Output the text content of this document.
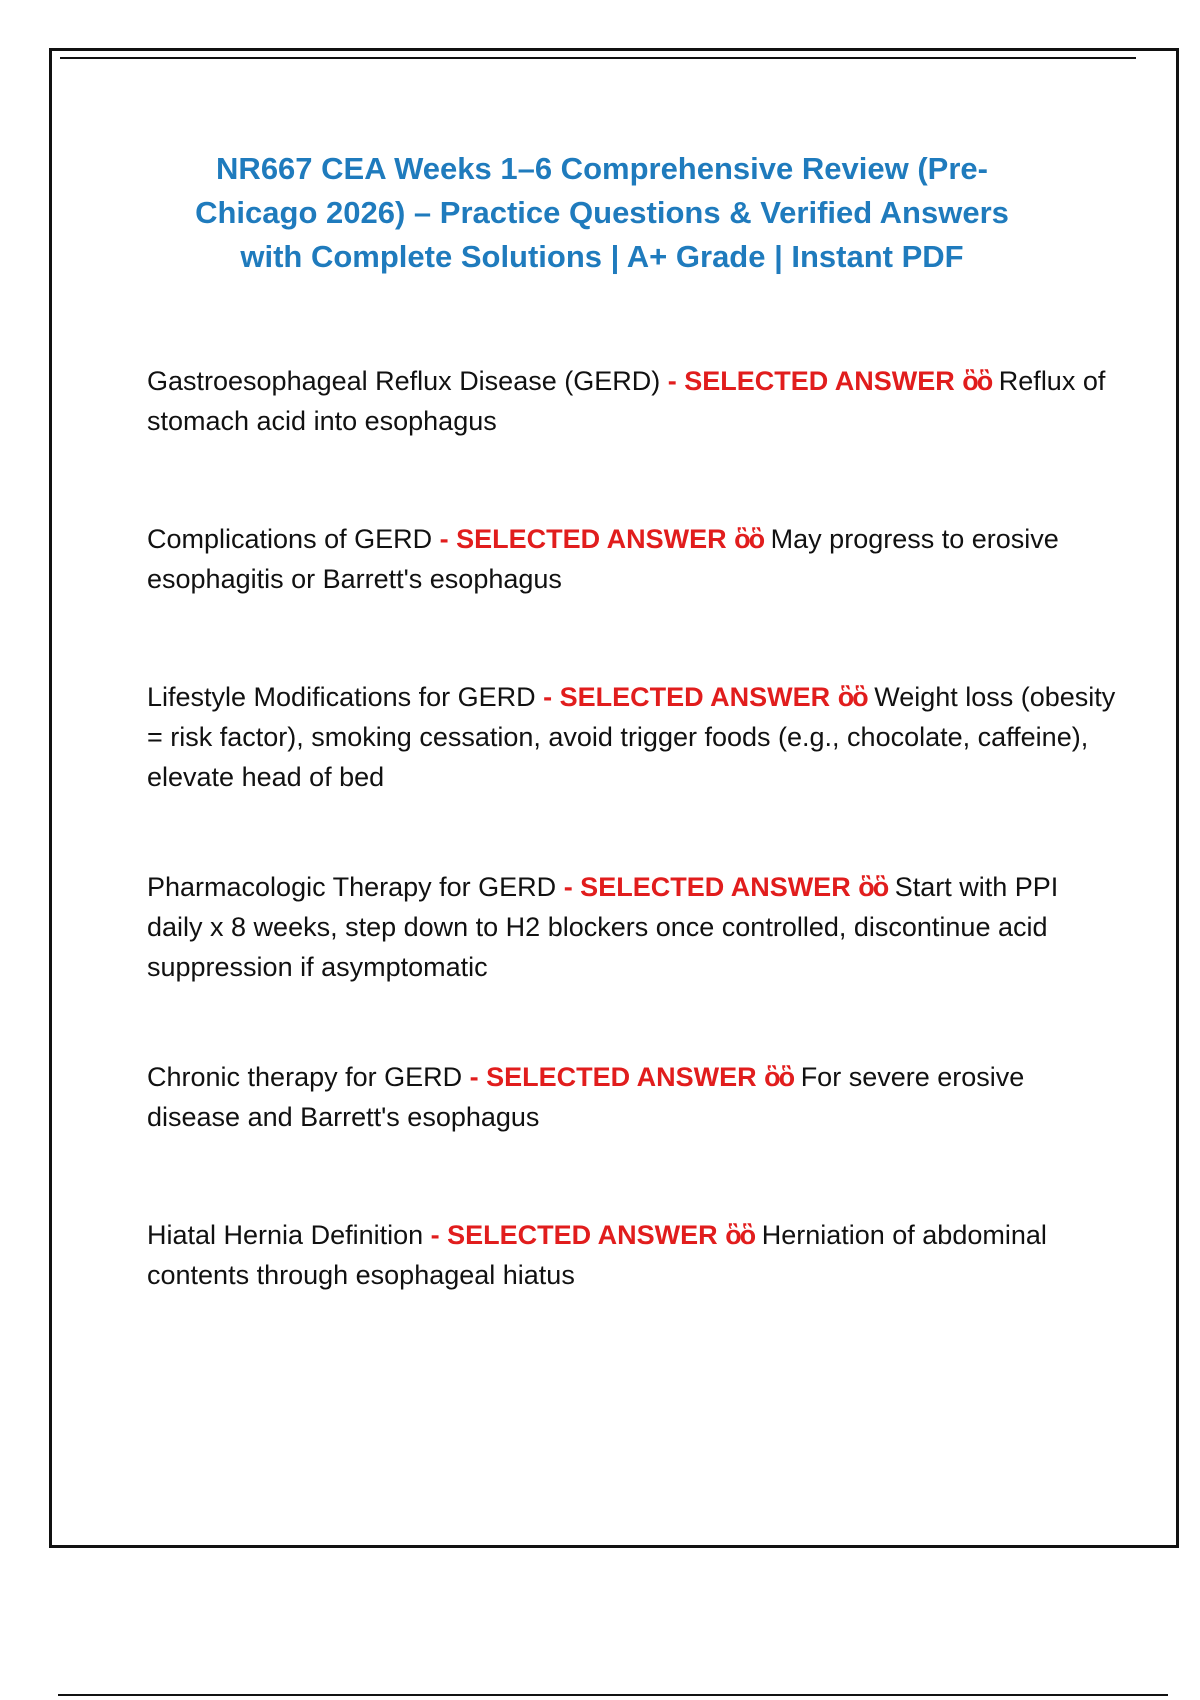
NR667 CEA Weeks 1–6 Comprehensive Review (Pre-Chicago 2026) – Practice Questions & Verified Answers with Complete Solutions | A+ Grade | Instant PDF
Gastroesophageal Reflux Disease (GERD) - SELECTED ANSWER ὃὃ Reflux of stomach acid into esophagus
Complications of GERD - SELECTED ANSWER ὃὃ May progress to erosive esophagitis or Barrett's esophagus
Lifestyle Modifications for GERD - SELECTED ANSWER ὃὃ Weight loss (obesity = risk factor), smoking cessation, avoid trigger foods (e.g., chocolate, caffeine), elevate head of bed
Pharmacologic Therapy for GERD - SELECTED ANSWER ὃὃ Start with PPI daily x 8 weeks, step down to H2 blockers once controlled, discontinue acid suppression if asymptomatic
Chronic therapy for GERD - SELECTED ANSWER ὃὃ For severe erosive disease and Barrett's esophagus
Hiatal Hernia Definition - SELECTED ANSWER ὃὃ Herniation of abdominal contents through esophageal hiatus
